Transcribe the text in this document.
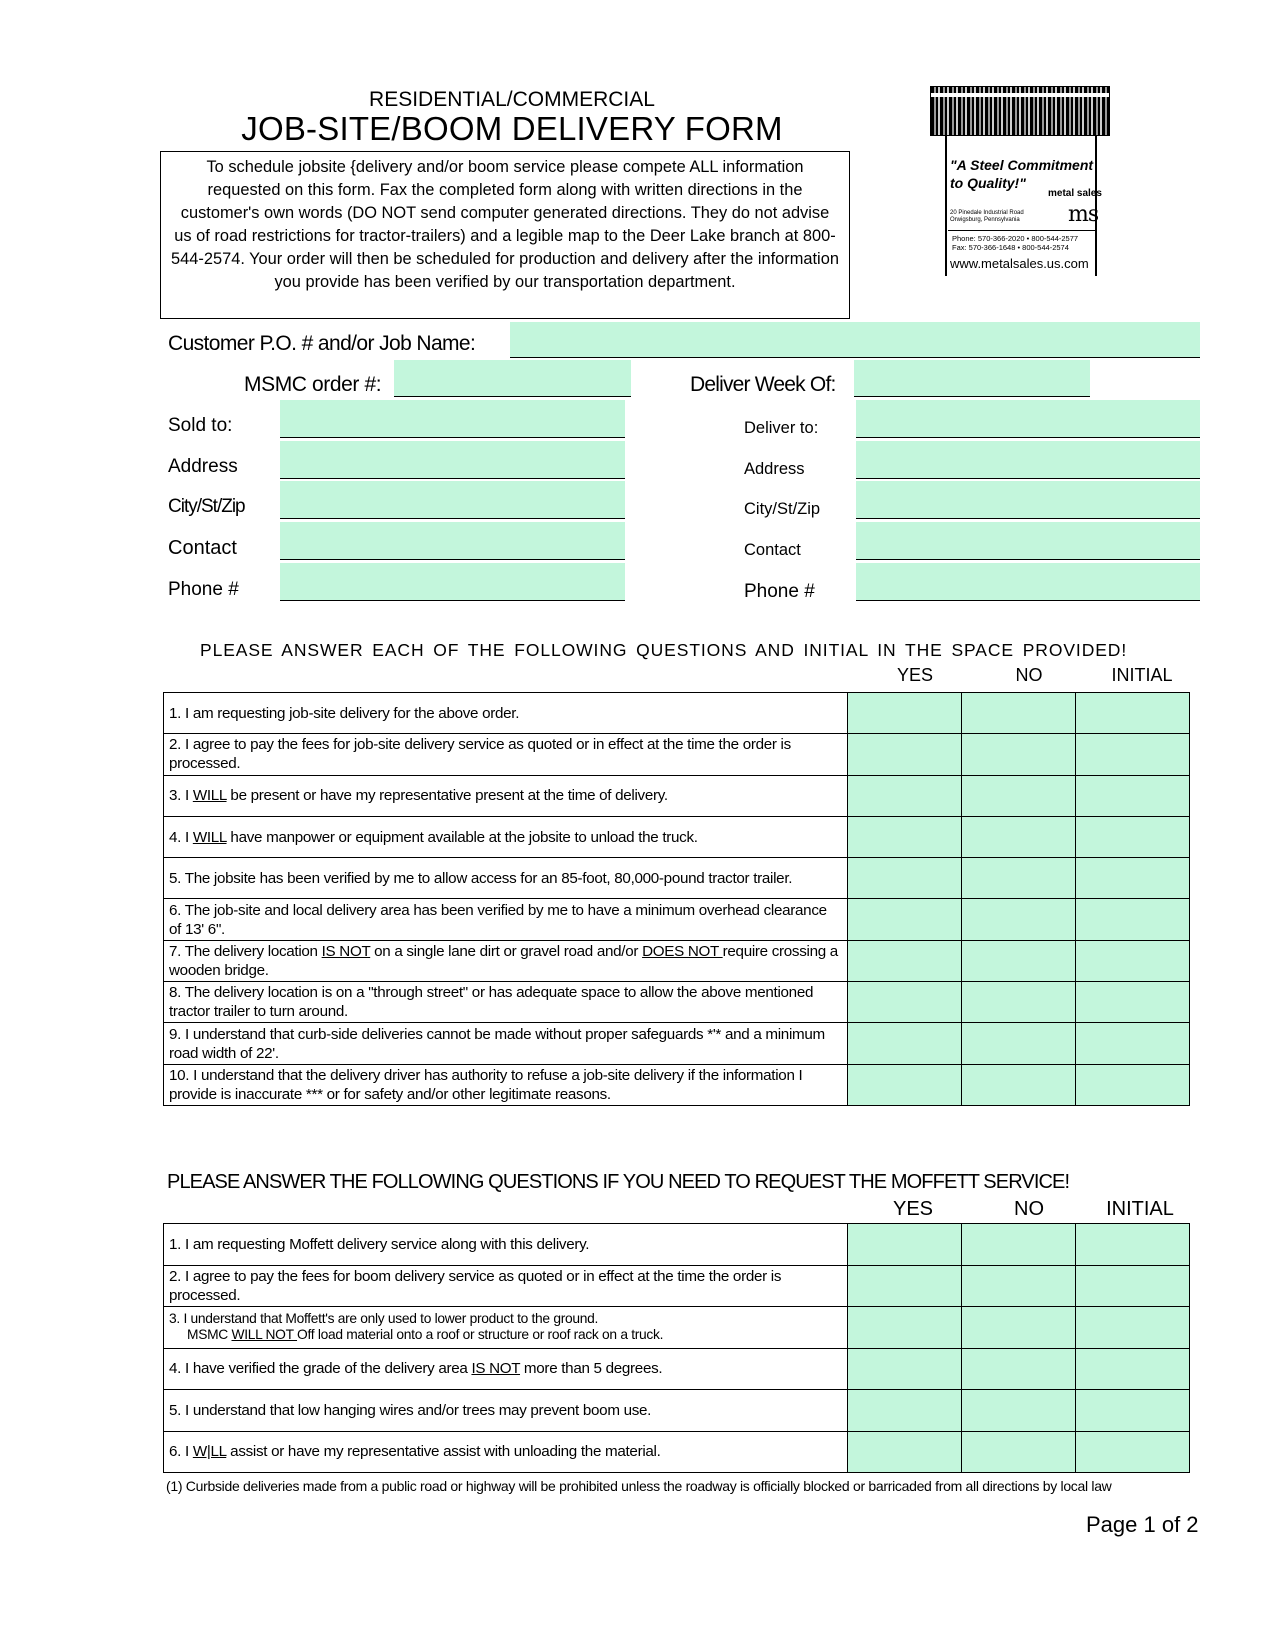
RESIDENTIAL/COMMERCIAL
JOB-SITE/BOOM DELIVERY FORM

To schedule jobsite {delivery and/or boom service please compete ALL information requested on this form. Fax the completed form along with written directions in the customer's own words (DO NOT send computer generated directions. They do not advise us of road restrictions for tractor-trailers) and a legible map to the Deer Lake branch at 800-544-2574. Your order will then be scheduled for production and delivery after the information you provide has been verified by our transportation department.

"A Steel Commitment
to Quality!"
metal sales
ms
20 Pinedale Industrial Road
Orwigsburg, Pennsylvania
Phone: 570-366-2020 • 800-544-2577
Fax: 570-366-1648 • 800-544-2574
www.metalsales.us.com
Customer P.O. # and/or Job Name:
MSMC order #:	Deliver Week Of:
Sold to:
Address
City/St/Zip
Contact
Phone #
Deliver to:
Address
City/St/Zip
Contact
Phone #
PLEASE ANSWER EACH OF THE FOLLOWING QUESTIONS AND INITIAL IN THE SPACE PROVIDED!
YES	NO	INITIAL
1. I am requesting job-site delivery for the above order.			
2. I agree to pay the fees for job-site delivery service as quoted or in effect at the time the order is processed.			
3. I WILL be present or have my representative present at the time of delivery.			
4. I WILL have manpower or equipment available at the jobsite to unload the truck.			
5. The jobsite has been verified by me to allow access for an 85-foot, 80,000-pound tractor trailer.			
6. The job-site and local delivery area has been verified by me to have a minimum overhead clearance of 13' 6".			
7. The delivery location IS NOT on a single lane dirt or gravel road and/or DOES NOT require crossing a wooden bridge.			
8. The delivery location is on a "through street" or has adequate space to allow the above mentioned tractor trailer to turn around.			
9. I understand that curb-side deliveries cannot be made without proper safeguards *'* and a minimum road width of 22'.			
10. I understand that the delivery driver has authority to refuse a job-site delivery if the information I provide is inaccurate *** or for safety and/or other legitimate reasons.			
PLEASE ANSWER THE FOLLOWING QUESTIONS IF YOU NEED TO REQUEST THE MOFFETT SERVICE!
YES	NO	INITIAL
1. I am requesting Moffett delivery service along with this delivery.			
2. I agree to pay the fees for boom delivery service as quoted or in effect at the time the order is processed.			

3. I understand that Moffett's are only used to lower product to the ground.
MSMC WILL NOT Off load material onto a roof or structure or roof rack on a truck.			

4. I have verified the grade of the delivery area IS NOT more than 5 degrees.			
5. I understand that low hanging wires and/or trees may prevent boom use.			
6. I W|LL assist or have my representative assist with unloading the material.			
(1) Curbside deliveries made from a public road or highway will be prohibited unless the roadway is officially blocked or barricaded from all directions by local law
Page 1 of 2
